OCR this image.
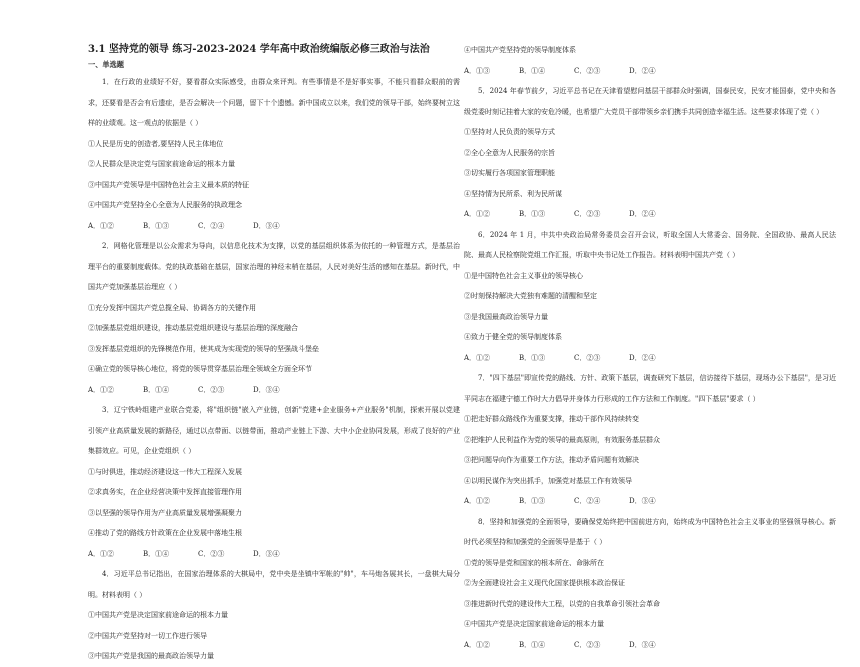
3.1 坚持党的领导 练习-2023-2024 学年高中政治统编版必修三政治与法治
一、单选题
1．在行政的业绩好不好，要看群众实际感受，由群众来评判。有些事情是不是好事实事，不能只看群众眼前的需求，还要看是否会有后遗症，是否会解决一个问题，留下十个遗憾。新中国成立以来，我们党的领导干部，始终要树立这样的业绩观。这一观点的依据是（ ）
①人民是历史的创造者,要坚持人民主体地位
②人民群众是决定党与国家前途命运的根本力量
③中国共产党领导是中国特色社会主义最本质的特征
④中国共产党坚持全心全意为人民服务的执政理念
A．①②	B．①③	C．②④	D．③④
2．网格化管理是以公众需求为导向，以信息化技术为支撑，以党的基层组织体系为依托的一种管理方式，是基层治理平台的重要制度载体。党的执政基础在基层，国家治理的神经末梢在基层，人民对美好生活的感知在基层。新时代，中国共产党加强基层治理应（ ）
①充分发挥中国共产党总揽全局、协调各方的关键作用
②加强基层党组织建设，推动基层党组织建设与基层治理的深度融合
③发挥基层党组织的先锋模范作用，使其成为实现党的领导的坚强战斗堡垒
④确立党的领导核心地位，将党的领导贯穿基层治理全领域全方面全环节
A．①②	B．①④	C．②③	D．③④
3．辽宁铁岭组建产业联合党委，将"组织链"嵌入产业链，创新"党建+企业服务+产业服务"机制，探索开展以党建引领产业高质量发展的新路径，通过以点带面、以链带面，推动产业链上下游、大中小企业协同发展，形成了良好的产业集群效应。可见，企业党组织（ ）
①与时俱进，推动经济建设这一伟大工程深入发展
②求真务实，在企业经营决策中发挥直接管理作用
③以坚强的领导作用为产业高质量发展增强凝聚力
④推动了党的路线方针政策在企业发展中落地生根
A．①②	B．①④	C．②③	D．③④
4．习近平总书记指出，在国家治理体系的大棋局中，党中央是坐镇中军帐的"帅"，车马炮各展其长，一盘棋大局分明。材料表明（ ）
①中国共产党是决定国家前途命运的根本力量
②中国共产党坚持对一切工作进行领导
③中国共产党是我国的最高政治领导力量
④中国共产党坚持党的领导制度体系
A．①③	B．①④	C．②③	D．②④
5．2024 年春节前夕，习近平总书记在天津看望慰问基层干部群众时强调，国泰民安，民安才能国泰，党中央和各级党委时刻记挂着大家的安危冷暖，也希望广大党员干部带领乡亲们携手共同创造幸福生活。这些要求体现了党（ ）
①坚持对人民负责的领导方式
②全心全意为人民服务的宗旨
③切实履行各项国家管理职能
④坚持情为民所系、利为民所谋
A．①②	B．①③	C．②③	D．②④
6．2024 年 1 月，中共中央政治局常务委员会召开会议，听取全国人大常委会、国务院、全国政协、最高人民法院、最高人民检察院党组工作汇报，听取中央书记处工作报告。材料表明中国共产党（ ）
①是中国特色社会主义事业的领导核心
②时刻保持解决大党独有难题的清醒和坚定
③是我国最高政治领导力量
④致力于健全党的领导制度体系
A．①②	B．①③	C．②③	D．②④
7．"四下基层"即宣传党的路线、方针、政策下基层，调查研究下基层，信访接待下基层，现场办公下基层"，是习近平同志在福建宁德工作时大力倡导并身体力行形成的工作方法和工作制度。"四下基层"要求（ ）
①把走好群众路线作为重要支撑，推动干部作风持续转变
②把维护人民利益作为党的领导的最高原则，有效服务基层群众
③把问题导向作为重要工作方法，推动矛盾问题有效解决
④以明民谋作为突出抓手，加强党对基层工作有效领导
A．①②	B．①③	C．②④	D．③④
8．坚持和加强党的全面领导，要确保党始终把中国前进方向，始终成为中国特色社会主义事业的坚强领导核心。新时代必须坚持和加强党的全面领导是基于（ ）
①党的领导是党和国家的根本所在、命脉所在
②为全面建设社会主义现代化国家提供根本政治保证
③推进新时代党的建设伟大工程，以党的自我革命引领社会革命
④中国共产党是决定国家前途命运的根本力量
A．①②	B．①④	C．②③	D．③④
